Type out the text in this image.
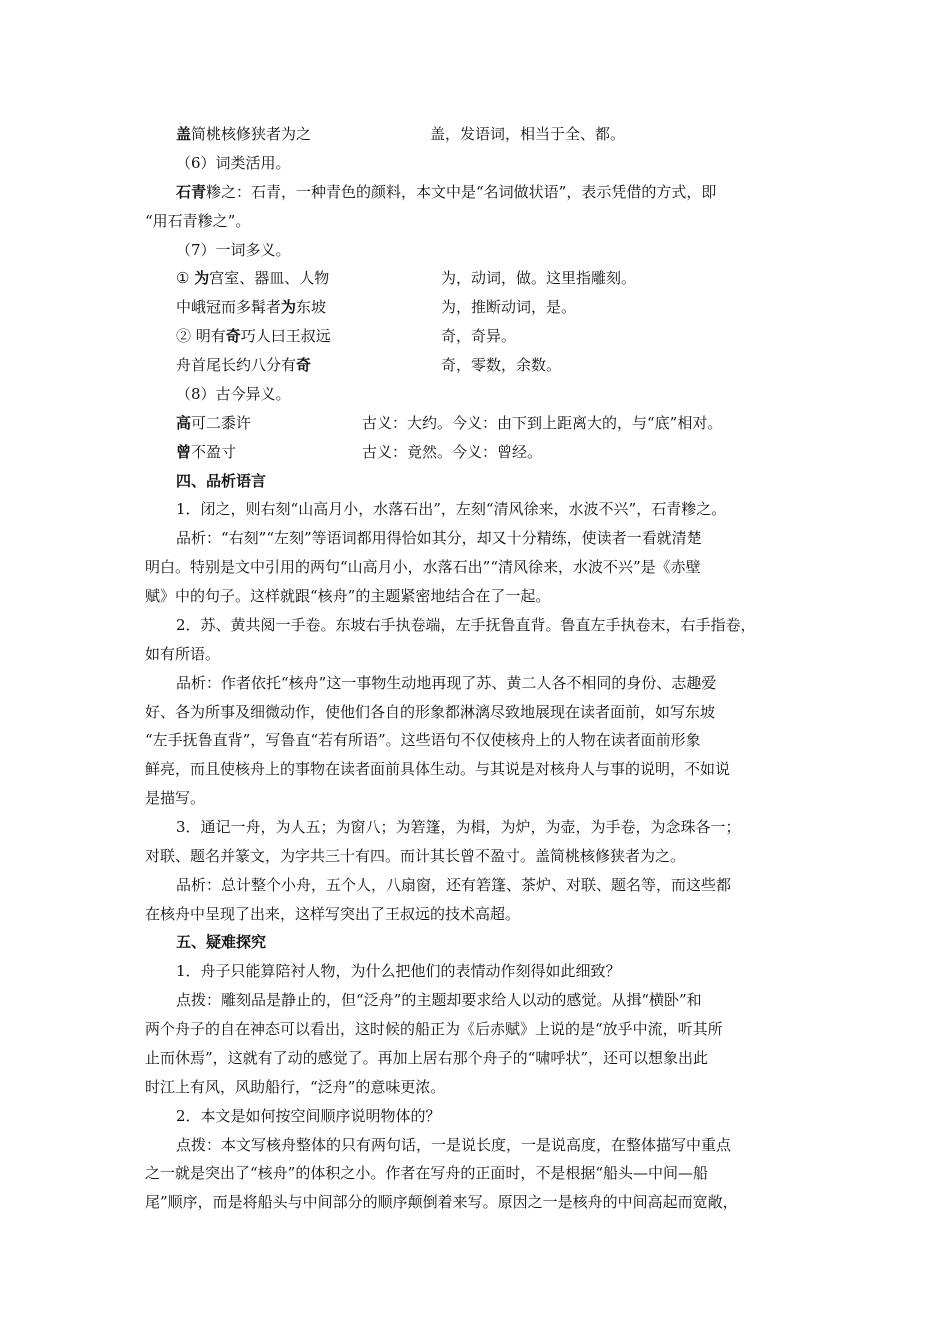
盖简桃核修狭者为之	盖，发语词，相当于全、都。
（6）词类活用。
石青糁之：石青，一种青色的颜料，本文中是“名词做状语”，表示凭借的方式，即
“用石青糁之”。
（7）一词多义。
① 为宫室、器皿、人物	为，动词，做。这里指雕刻。
中峨冠而多髯者为东坡	为，推断动词，是。
② 明有奇巧人曰王叔远	奇，奇异。
舟首尾长约八分有奇	奇，零数，余数。
（8）古今异义。
高可二黍许	古义：大约。今义：由下到上距离大的，与“底”相对。
曾不盈寸	古义：竟然。今义：曾经。
四、品析语言
1．闭之，则右刻“山高月小，水落石出”，左刻“清风徐来，水波不兴”，石青糁之。
品析：“右刻”“左刻”等语词都用得恰如其分，却又十分精练，使读者一看就清楚
明白。特别是文中引用的两句“山高月小，水落石出”“清风徐来，水波不兴”是《赤壁
赋》中的句子。这样就跟“核舟”的主题紧密地结合在了一起。
2．苏、黄共阅一手卷。东坡右手执卷端，左手抚鲁直背。鲁直左手执卷末，右手指卷，
如有所语。
品析：作者依托“核舟”这一事物生动地再现了苏、黄二人各不相同的身份、志趣爱
好、各为所事及细微动作，使他们各自的形象都淋漓尽致地展现在读者面前，如写东坡
“左手抚鲁直背”，写鲁直“若有所语”。这些语句不仅使核舟上的人物在读者面前形象
鲜亮，而且使核舟上的事物在读者面前具体生动。与其说是对核舟人与事的说明，不如说
是描写。
3．通记一舟，为人五；为窗八；为箬篷，为楫，为炉，为壶，为手卷，为念珠各一；
对联、题名并篆文，为字共三十有四。而计其长曾不盈寸。盖简桃核修狭者为之。
品析：总计整个小舟，五个人，八扇窗，还有箬篷、茶炉、对联、题名等，而这些都
在核舟中呈现了出来，这样写突出了王叔远的技术高超。
五、疑难探究
1．舟子只能算陪衬人物，为什么把他们的表情动作刻得如此细致？
点拨：雕刻品是静止的，但“泛舟”的主题却要求给人以动的感觉。从揖“横卧”和
两个舟子的自在神态可以看出，这时候的船正为《后赤赋》上说的是“放乎中流，听其所
止而休焉”，这就有了动的感觉了。再加上居右那个舟子的“啸呼状”，还可以想象出此
时江上有风，风助船行，“泛舟”的意味更浓。
2．本文是如何按空间顺序说明物体的？
点拨：本文写核舟整体的只有两句话，一是说长度，一是说高度，在整体描写中重点
之一就是突出了“核舟”的体积之小。作者在写舟的正面时，不是根据“船头—中间—船
尾”顺序，而是将船头与中间部分的顺序颠倒着来写。原因之一是核舟的中间高起而宽敞，
